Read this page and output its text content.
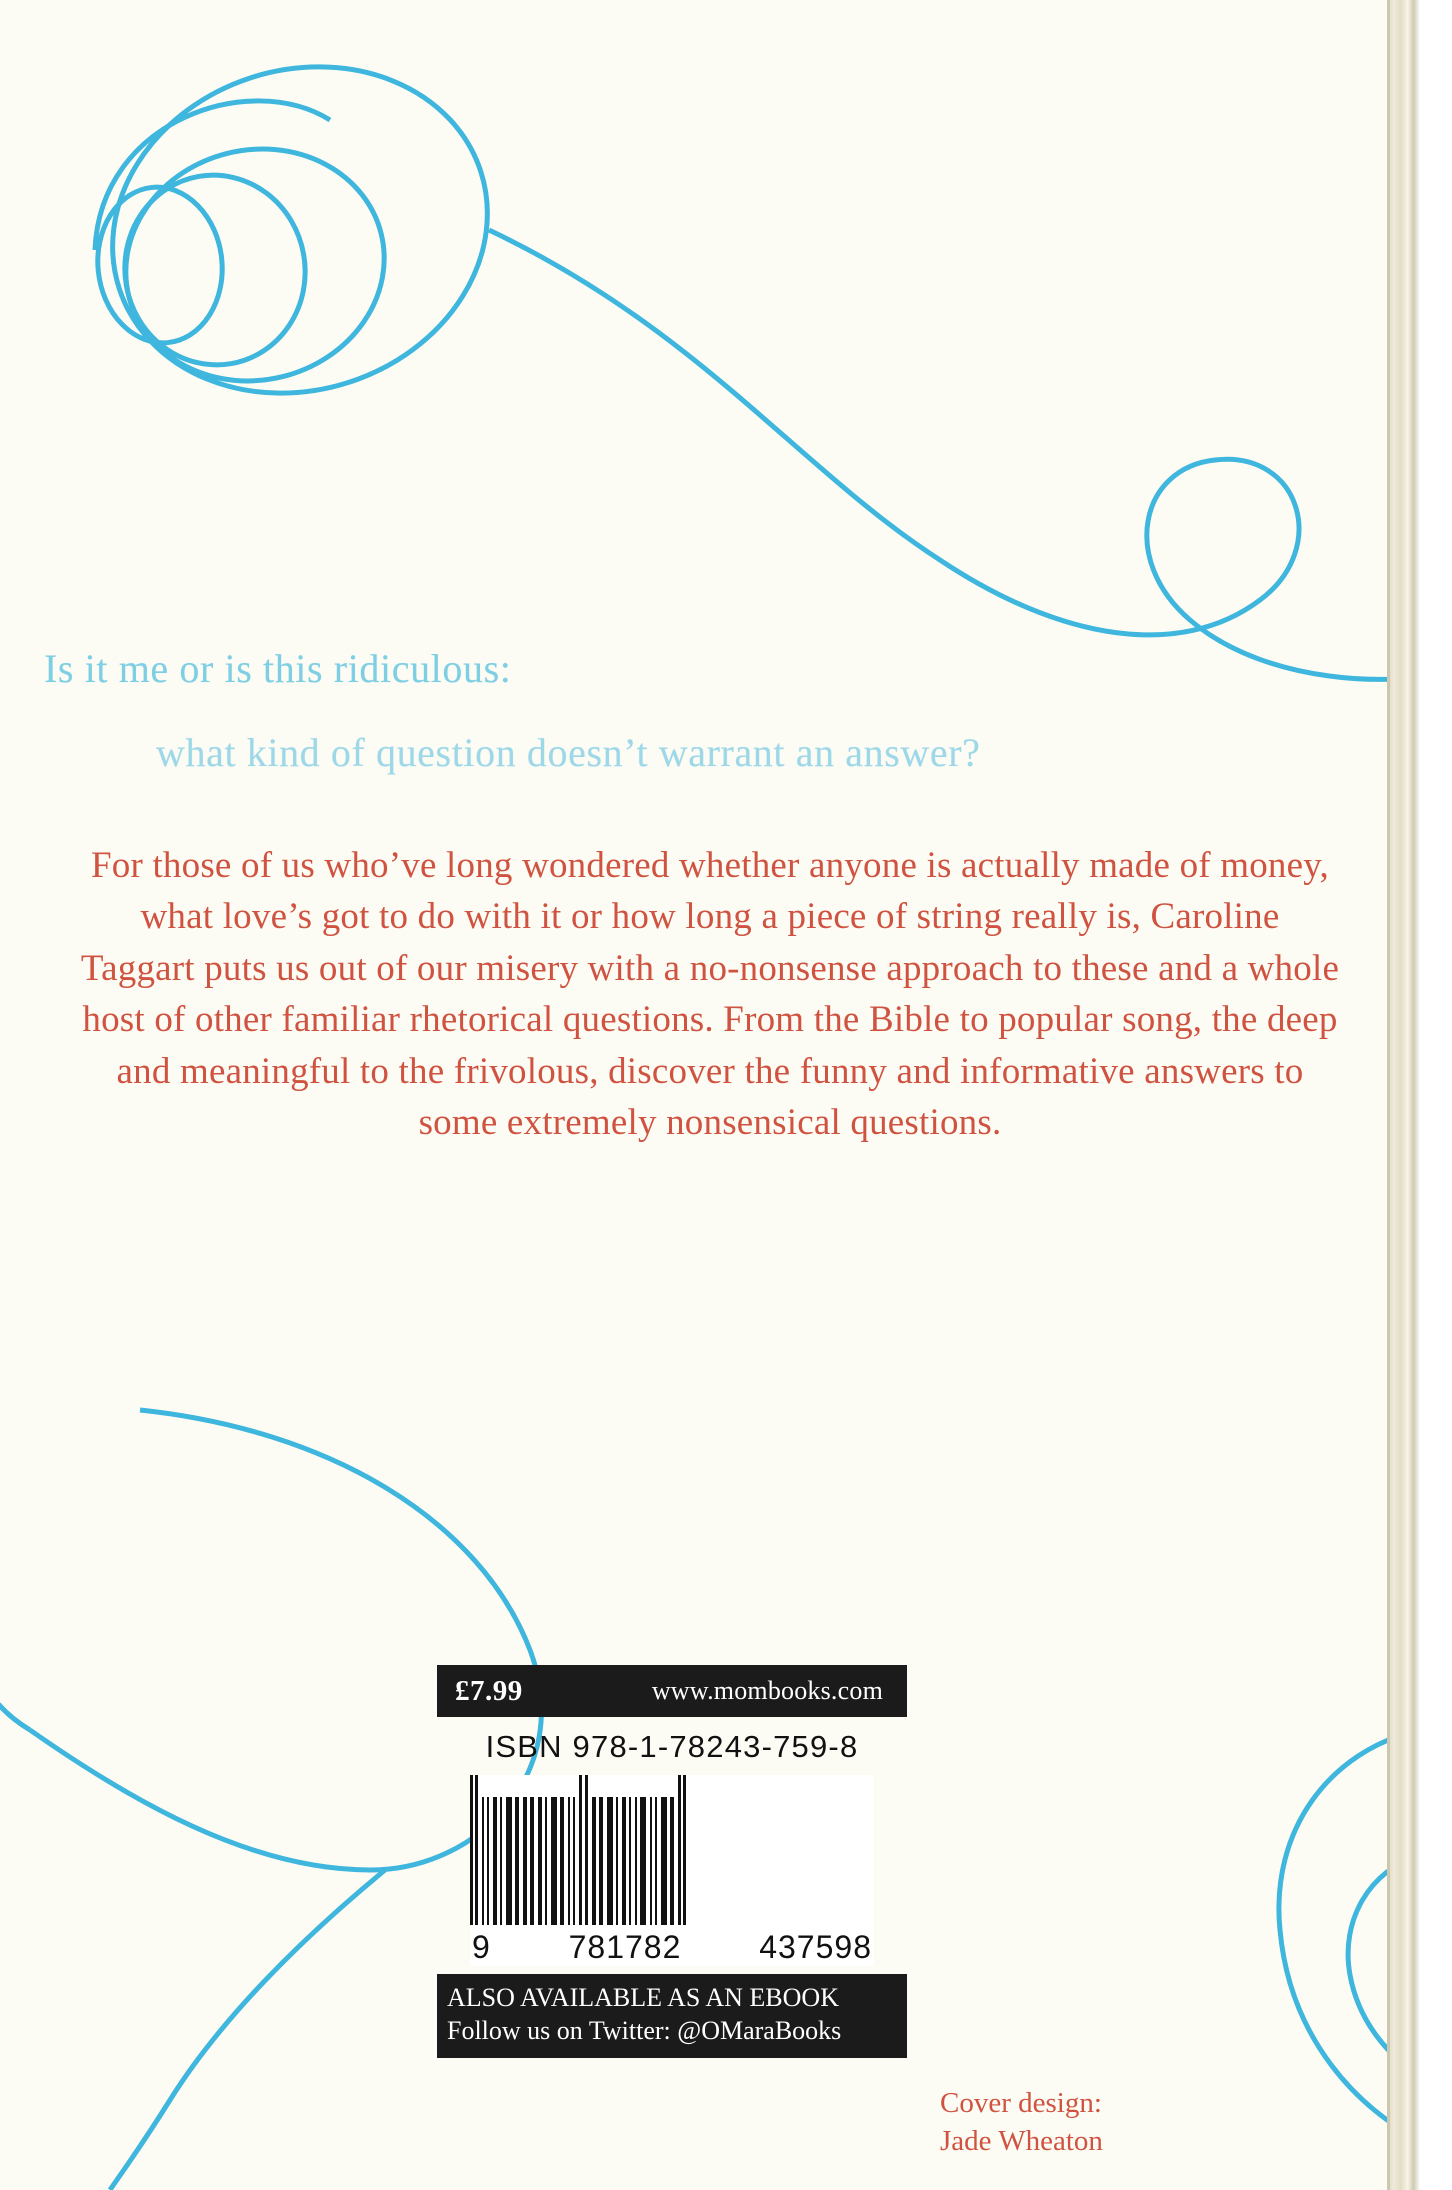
Is it me or is this ridiculous:
what kind of question doesn’t warrant an answer?

For those of us who’ve long wondered whether anyone is actually made of money, what love’s got to do with it or how long a piece of string really is, Caroline Taggart puts us out of our misery with a no-nonsense approach to these and a whole host of other familiar rhetorical questions. From the Bible to popular song, the deep and meaningful to the frivolous, discover the funny and informative answers to some extremely nonsensical questions.

£7.99	www.mombooks.com
ISBN 978-1-78243-759-8
9 781782 437598
ALSO AVAILABLE AS AN EBOOK
Follow us on Twitter: @OMaraBooks
Cover design:
Jade Wheaton
